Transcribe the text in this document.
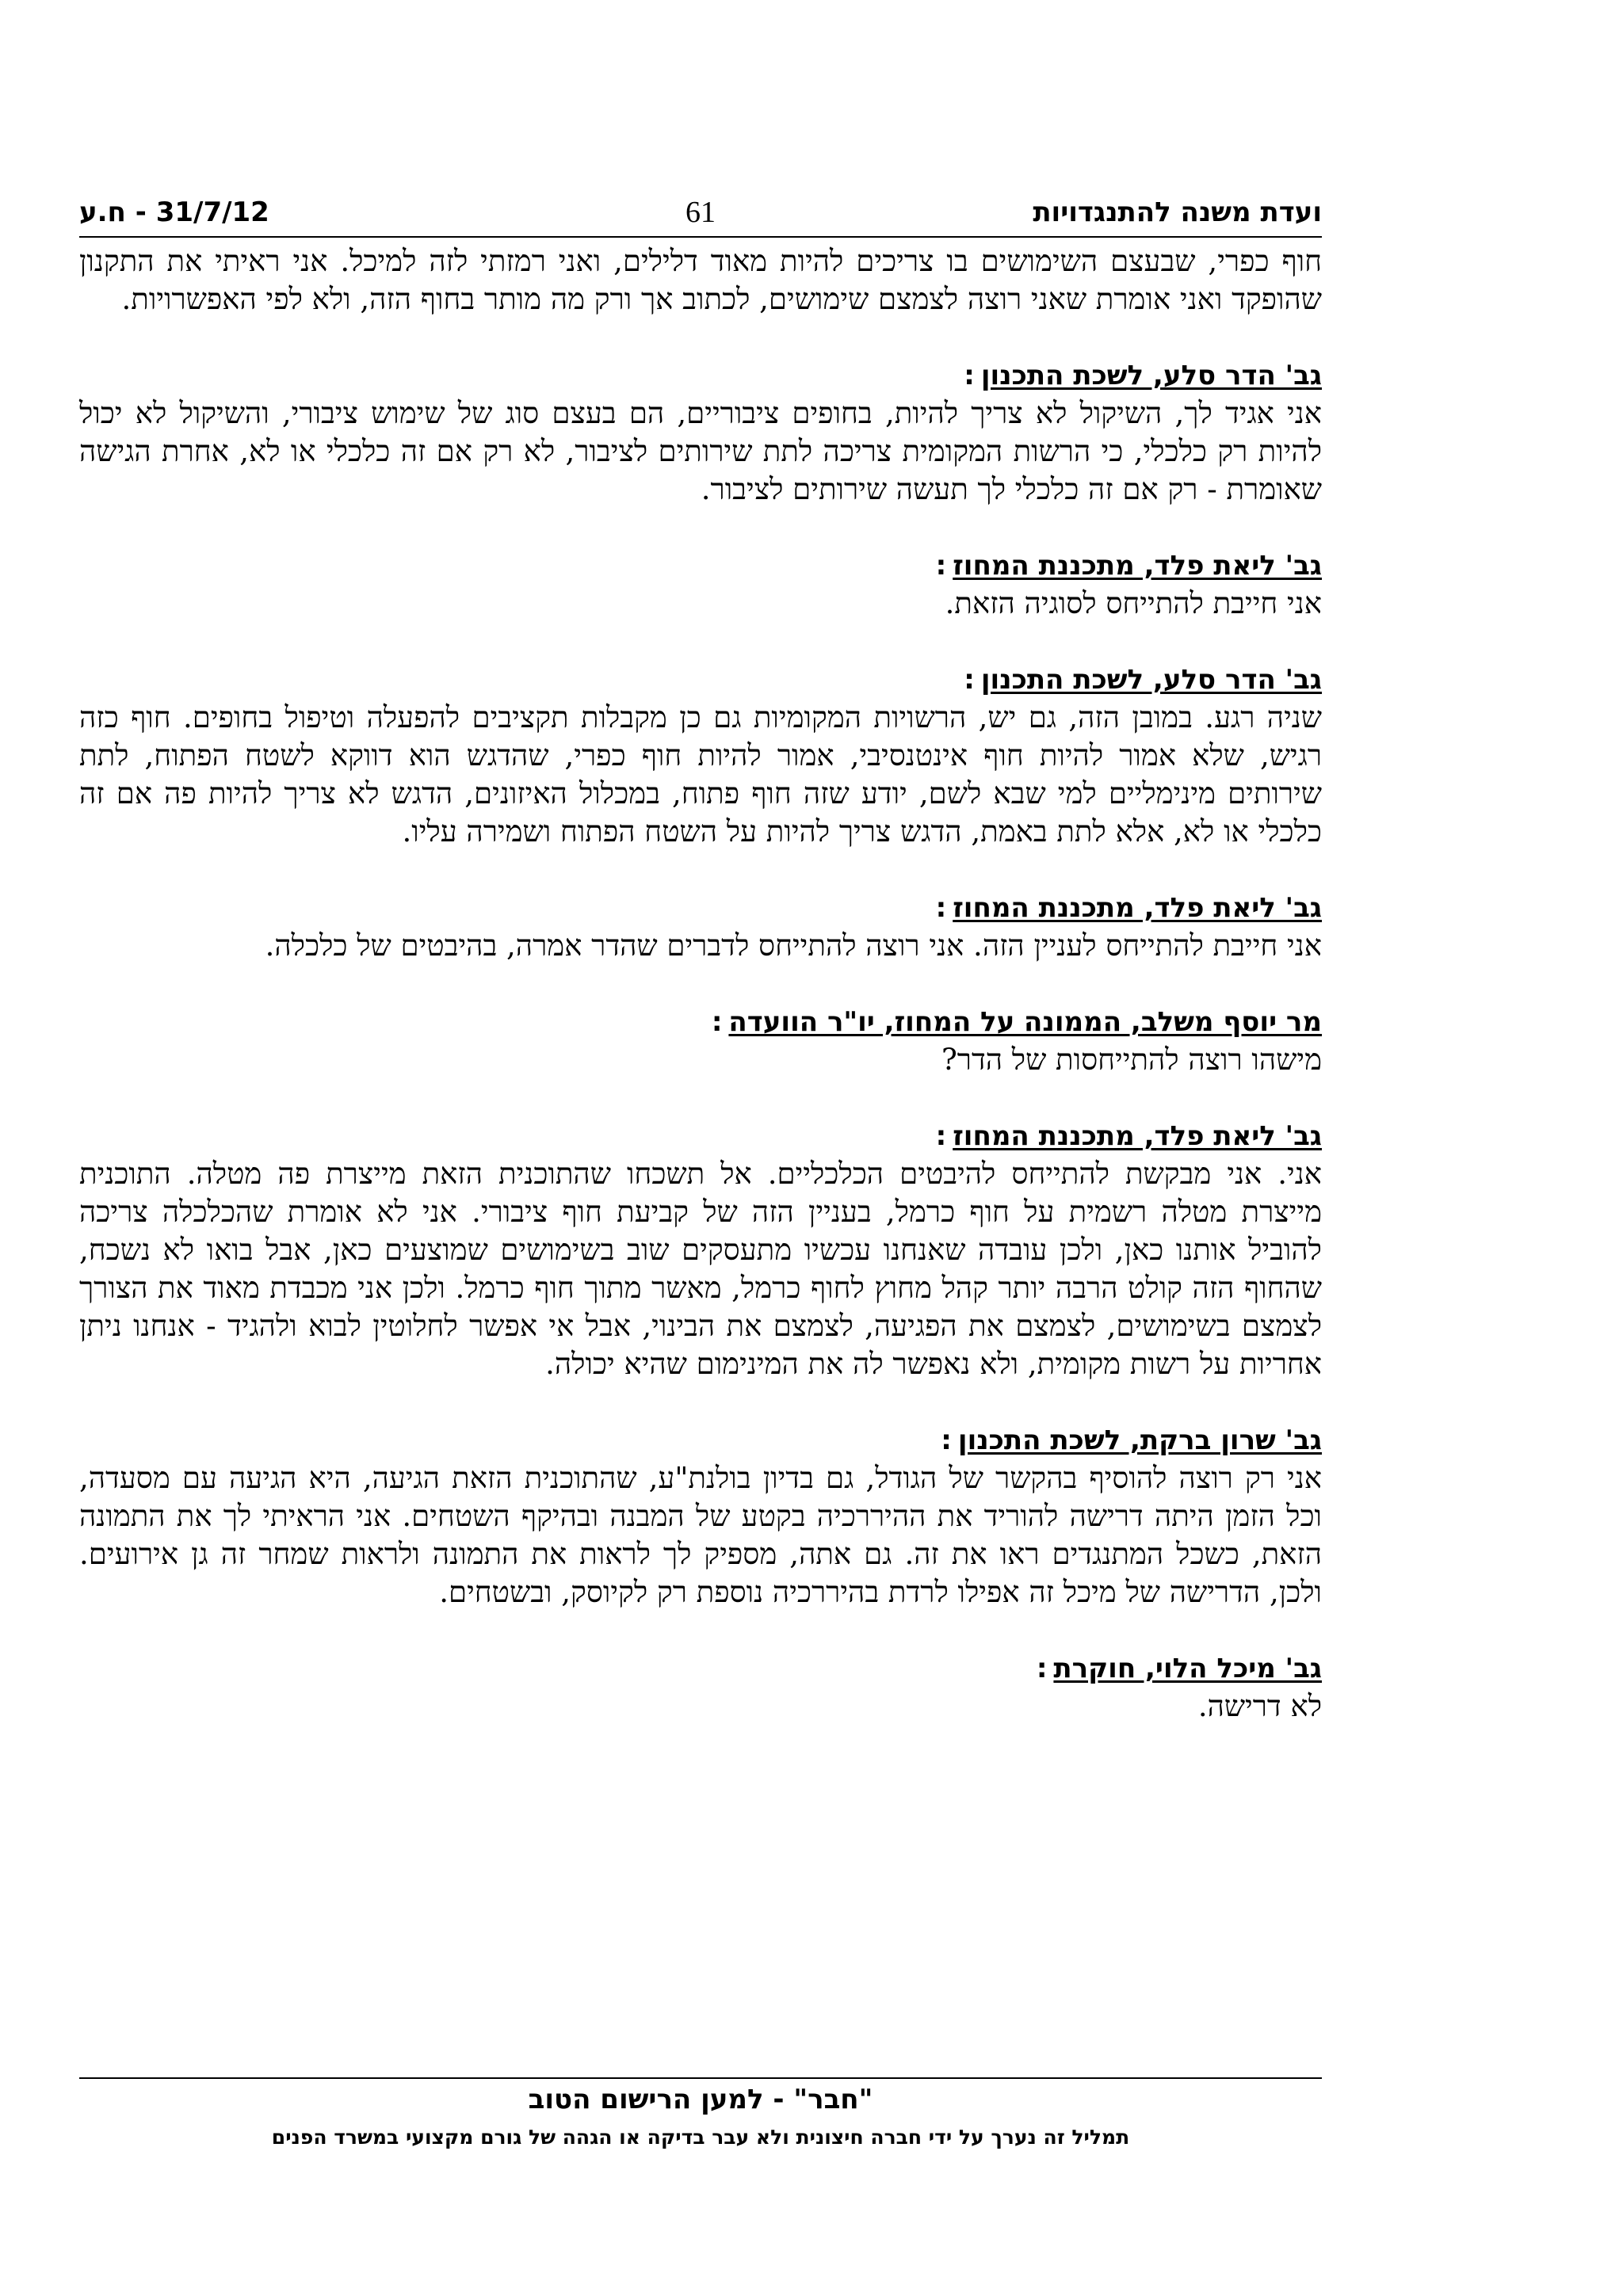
ועדת משנה להתנגדויות
61
31/7/12 - ח.ע

חוף כפרי, שבעצם השימושים בו צריכים להיות מאוד דלילים, ואני רמזתי לזה למיכל. אני ראיתי את התקנון שהופקד ואני אומרת שאני רוצה לצמצם שימושים, לכתוב אך ורק מה מותר בחוף הזה, ולא לפי האפשרויות.

גב' הדר סלע, לשכת התכנון:

אני אגיד לך, השיקול לא צריך להיות, בחופים ציבוריים, הם בעצם סוג של שימוש ציבורי, והשיקול לא יכול להיות רק כלכלי, כי הרשות המקומית צריכה לתת שירותים לציבור, לא רק אם זה כלכלי או לא, אחרת הגישה שאומרת - רק אם זה כלכלי לך תעשה שירותים לציבור.

גב' ליאת פלד, מתכננת המחוז:

אני חייבת להתייחס לסוגיה הזאת.

גב' הדר סלע, לשכת התכנון:

שניה רגע. במובן הזה, גם יש, הרשויות המקומיות גם כן מקבלות תקציבים להפעלה וטיפול בחופים. חוף כזה רגיש, שלא אמור להיות חוף אינטנסיבי, אמור להיות חוף כפרי, שהדגש הוא דווקא לשטח הפתוח, לתת שירותים מינימליים למי שבא לשם, יודע שזה חוף פתוח, במכלול האיזונים, הדגש לא צריך להיות פה אם זה כלכלי או לא, אלא לתת באמת, הדגש צריך להיות על השטח הפתוח ושמירה עליו.

גב' ליאת פלד, מתכננת המחוז:

אני חייבת להתייחס לעניין הזה. אני רוצה להתייחס לדברים שהדר אמרה, בהיבטים של כלכלה.

מר יוסף משלב, הממונה על המחוז, יו"ר הוועדה:

מישהו רוצה להתייחסות של הדר?

גב' ליאת פלד, מתכננת המחוז:

אני. אני מבקשת להתייחס להיבטים הכלכליים. אל תשכחו שהתוכנית הזאת מייצרת פה מטלה. התוכנית מייצרת מטלה רשמית על חוף כרמל, בעניין הזה של קביעת חוף ציבורי. אני לא אומרת שהכלכלה צריכה להוביל אותנו כאן, ולכן עובדה שאנחנו עכשיו מתעסקים שוב בשימושים שמוצעים כאן, אבל בואו לא נשכח, שהחוף הזה קולט הרבה יותר קהל מחוץ לחוף כרמל, מאשר מתוך חוף כרמל. ולכן אני מכבדת מאוד את הצורך לצמצם בשימושים, לצמצם את הפגיעה, לצמצם את הבינוי, אבל אי אפשר לחלוטין לבוא ולהגיד - אנחנו ניתן אחריות על רשות מקומית, ולא נאפשר לה את המינימום שהיא יכולה.

גב' שרון ברקת, לשכת התכנון:

אני רק רוצה להוסיף בהקשר של הגודל, גם בדיון בולנת"ע, שהתוכנית הזאת הגיעה, היא הגיעה עם מסעדה, וכל הזמן היתה דרישה להוריד את ההיררכיה בקטע של המבנה ובהיקף השטחים. אני הראיתי לך את התמונה הזאת, כשכל המתנגדים ראו את זה. גם אתה, מספיק לך לראות את התמונה ולראות שמחר זה גן אירועים. ולכן, הדרישה של מיכל זה אפילו לרדת בהיררכיה נוספת רק לקיוסק, ובשטחים.

גב' מיכל הלוי, חוקרת:

לא דרישה.

"חבר" - למען הרישום הטוב
תמליל זה נערך על ידי חברה חיצונית ולא עבר בדיקה או הגהה של גורם מקצועי במשרד הפנים
